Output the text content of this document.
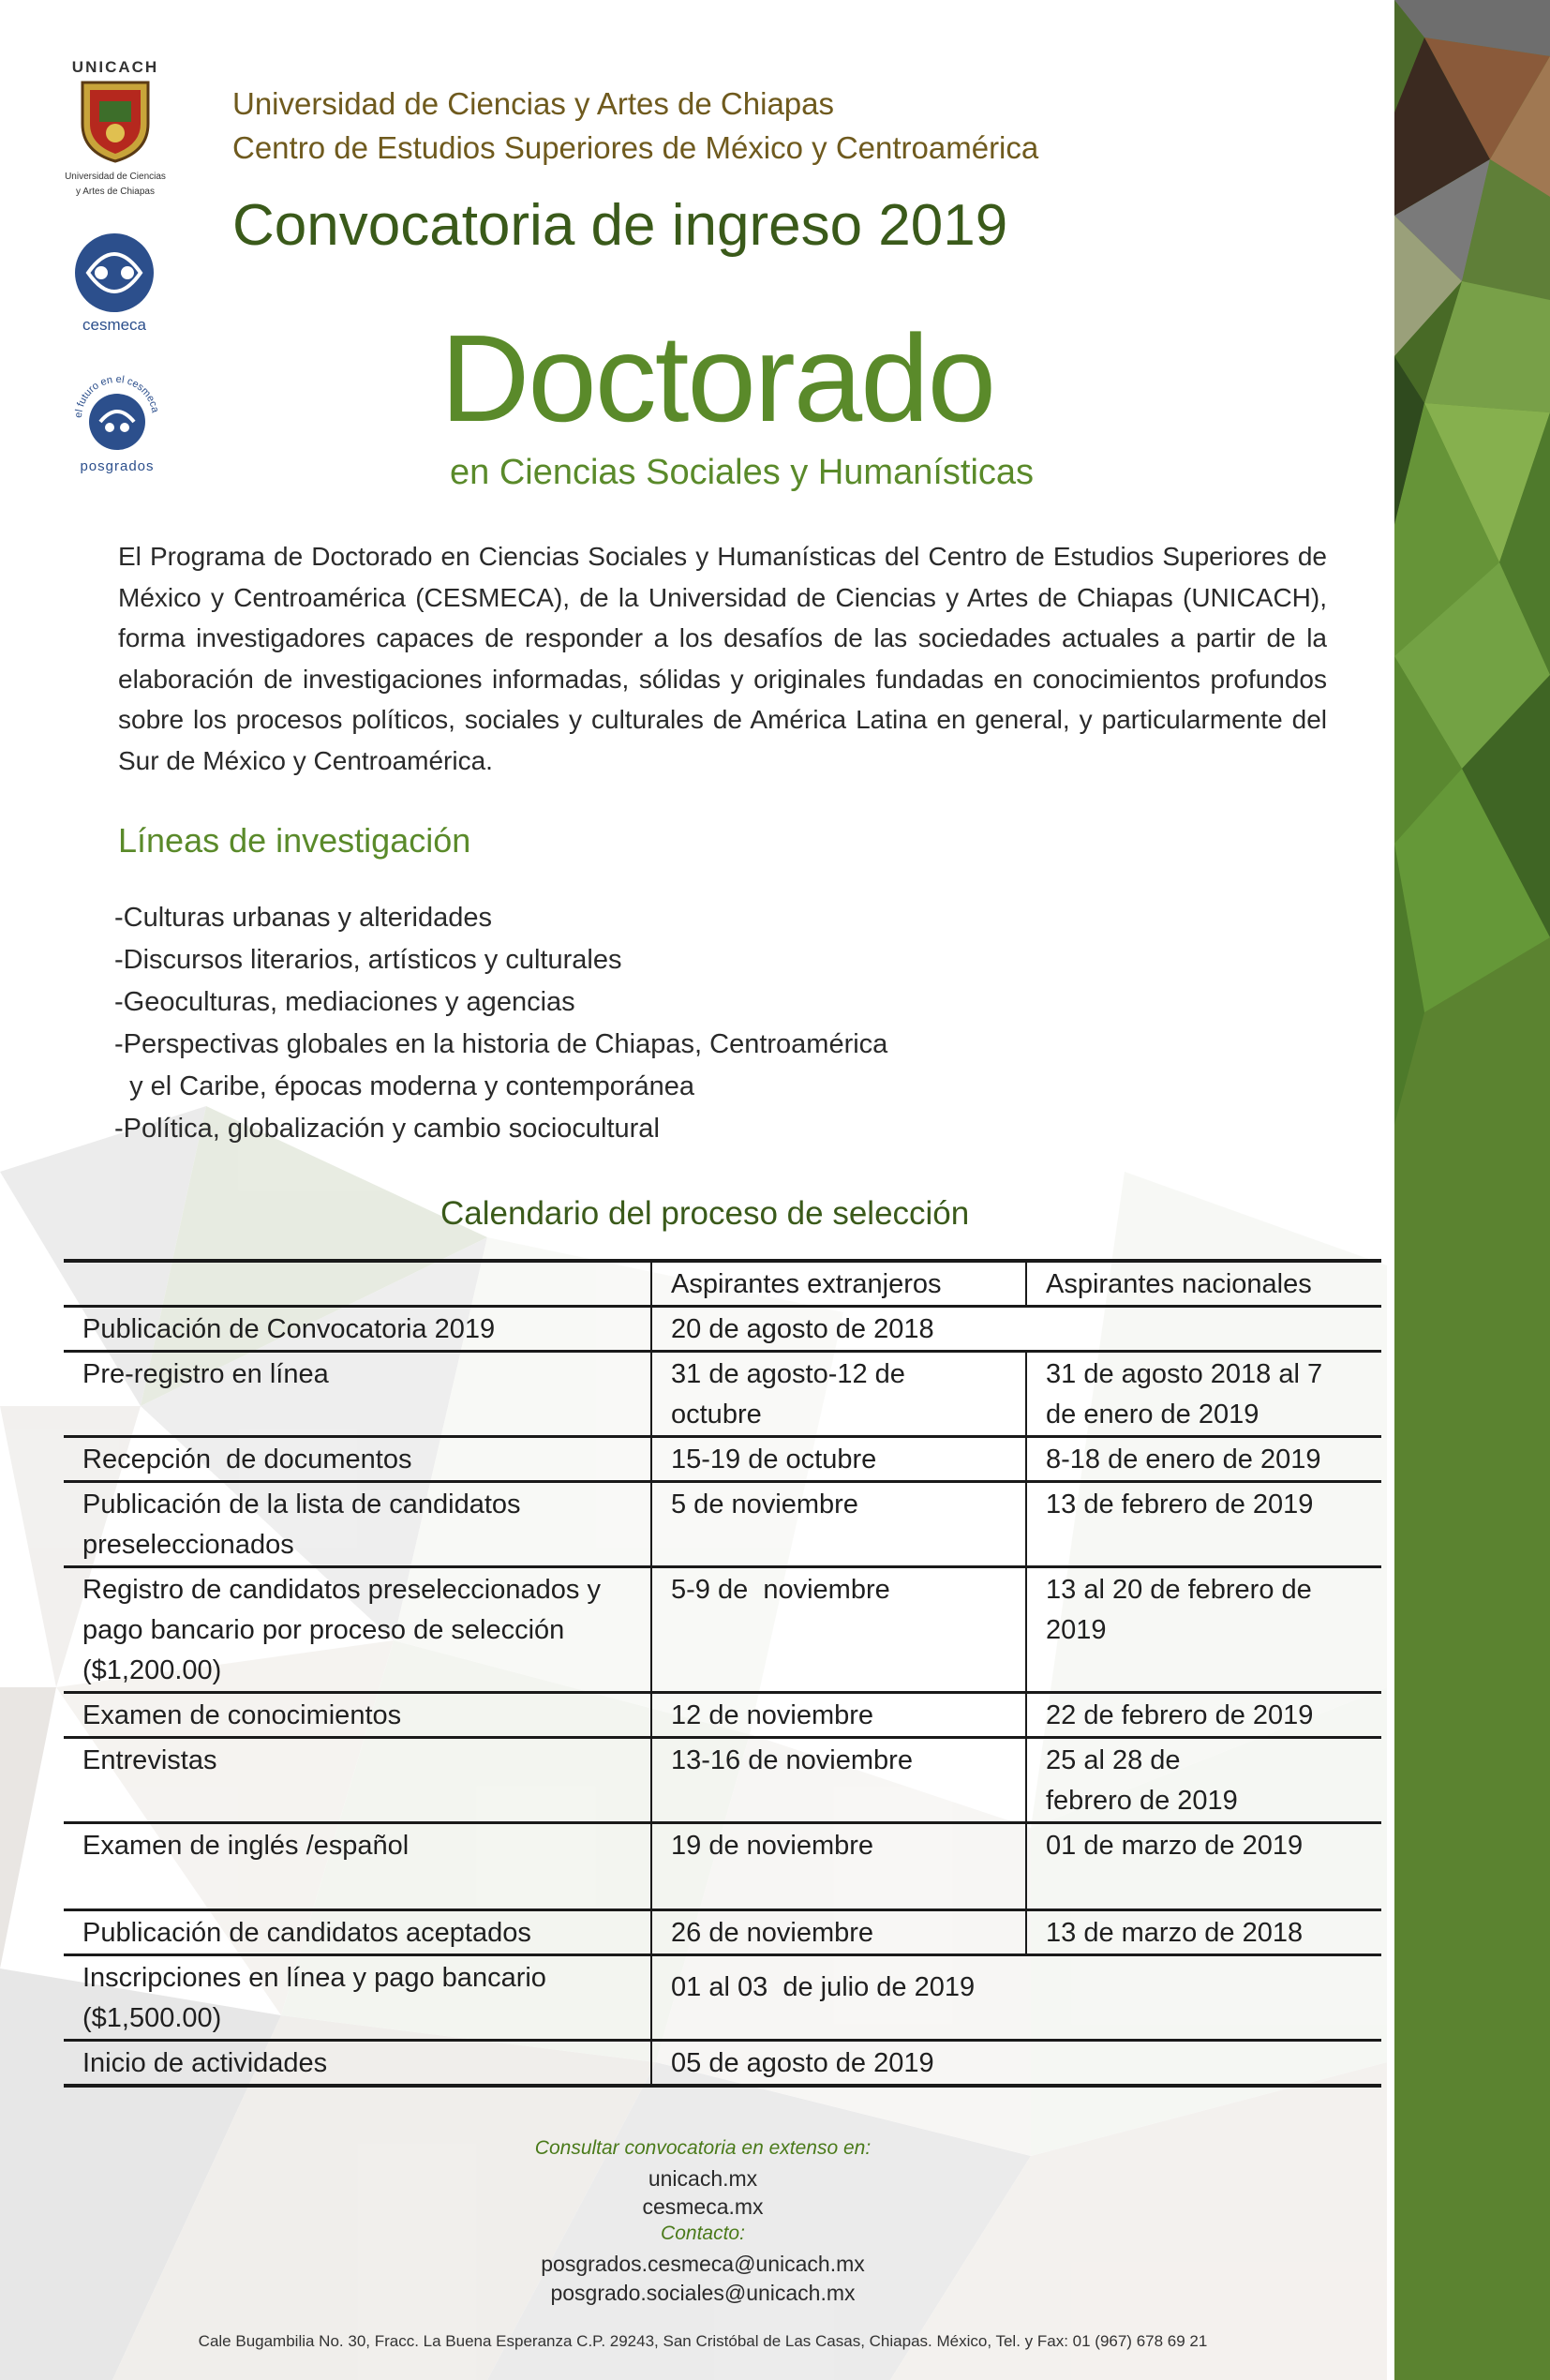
UNICACH
Universidad de Ciencias
y Artes de Chiapas
cesmeca
el futuro en el cesmeca
posgrados
Universidad de Ciencias y Artes de Chiapas
Centro de Estudios Superiores de México y Centroamérica
Convocatoria de ingreso 2019
Doctorado
en Ciencias Sociales y Humanísticas
El Programa de Doctorado en Ciencias Sociales y Humanísticas del Centro de Estudios Superiores de México y Centroamérica (CESMECA), de la Universidad de Ciencias y Artes de Chiapas (UNICACH), forma investigadores capaces de responder a los desafíos de las sociedades actuales a partir de la elaboración de investigaciones informadas, sólidas y originales fundadas en conocimientos profundos sobre los procesos políticos, sociales y culturales de América Latina en general, y particularmente del Sur de México y Centroamérica.
Líneas de investigación
-Culturas urbanas y alteridades
-Discursos literarios, artísticos y culturales
-Geoculturas, mediaciones y agencias
-Perspectivas globales en la historia de Chiapas, Centroamérica
y el Caribe, épocas moderna y contemporánea
-Política, globalización y cambio sociocultural
Calendario del proceso de selección
	Aspirantes extranjeros	Aspirantes nacionales
Publicación de Convocatoria 2019	20 de agosto de 2018	
Pre-registro en línea	31 de agosto-12 de octubre	31 de agosto 2018 al 7 de enero de 2019
Recepción  de documentos	15-19 de octubre	8-18 de enero de 2019
Publicación de la lista de candidatos preseleccionados	5 de noviembre	13 de febrero de 2019
Registro de candidatos preseleccionados y pago bancario por proceso de selección ($1,200.00)	5-9 de  noviembre	13 al 20 de febrero de 2019
Examen de conocimientos	12 de noviembre	22 de febrero de 2019
Entrevistas	13-16 de noviembre	25 al 28 de febrero de 2019
Examen de inglés /español	19 de noviembre	01 de marzo de 2019
Publicación de candidatos aceptados	26 de noviembre	13 de marzo de 2018
Inscripciones en línea y pago bancario ($1,500.00)	01 al 03  de julio de 2019	
Inicio de actividades	05 de agosto de 2019	
Consultar convocatoria en extenso en:
unicach.mx
cesmeca.mx
Contacto:
posgrados.cesmeca@unicach.mx
posgrado.sociales@unicach.mx
Cale Bugambilia No. 30, Fracc. La Buena Esperanza C.P. 29243, San Cristóbal de Las Casas, Chiapas. México, Tel. y Fax: 01 (967) 678 69 21
